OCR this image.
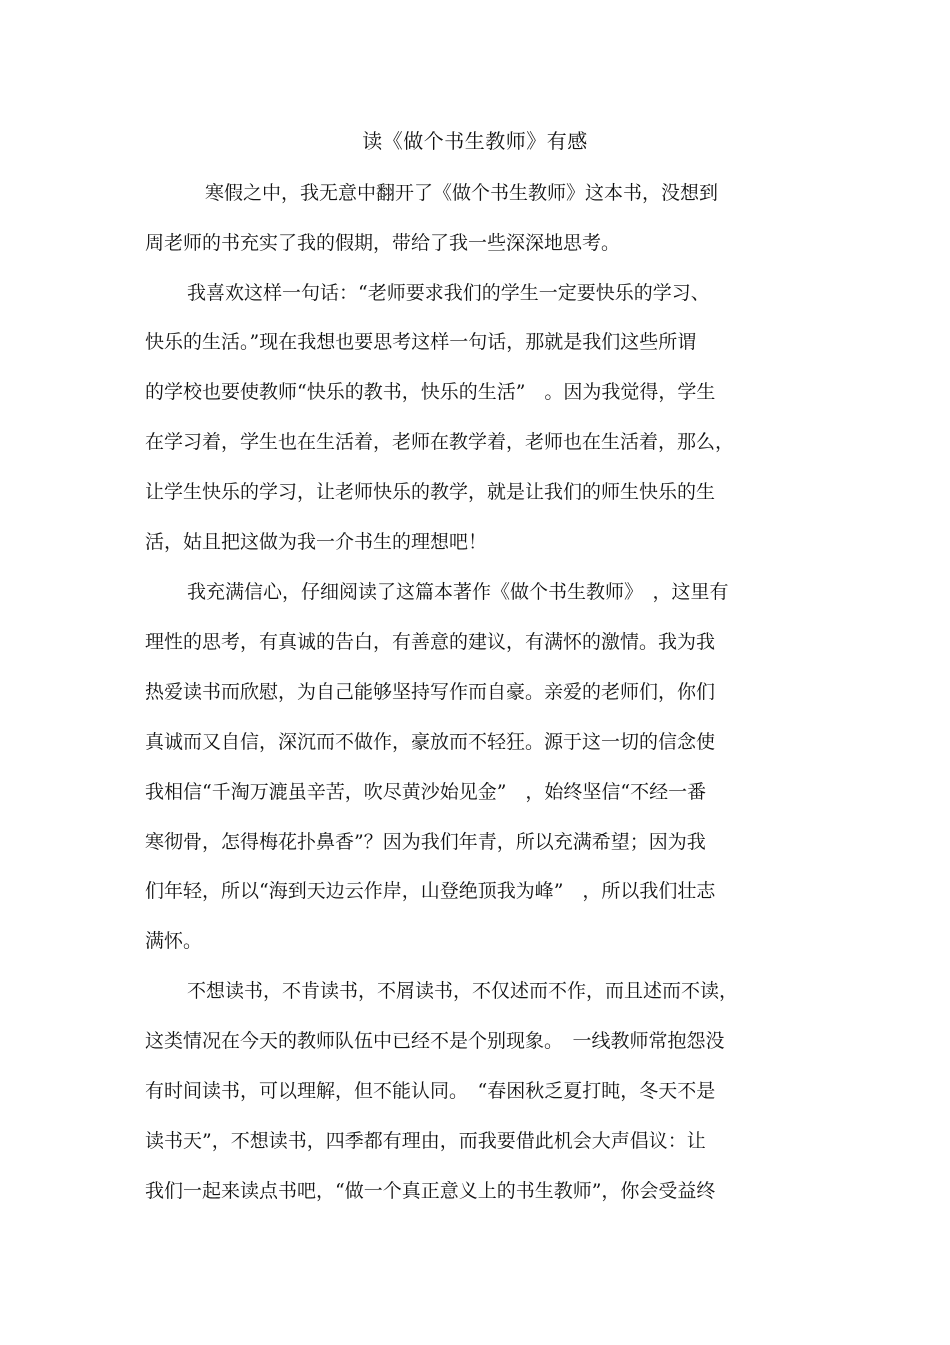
读《做个书生教师》有感
寒假之中，我无意中翻开了《做个书生教师》这本书，没想到
周老师的书充实了我的假期，带给了我一些深深地思考。
我喜欢这样一句话：“老师要求我们的学生一定要快乐的学习、
快乐的生活。”现在我想也要思考这样一句话，那就是我们这些所谓
的学校也要使教师“快乐的教书，快乐的生活”　。因为我觉得，学生
在学习着，学生也在生活着，老师在教学着，老师也在生活着，那么，
让学生快乐的学习，让老师快乐的教学，就是让我们的师生快乐的生
活，姑且把这做为我一介书生的理想吧！
我充满信心，仔细阅读了这篇本著作《做个书生教师》　，这里有
理性的思考，有真诚的告白，有善意的建议，有满怀的激情。我为我
热爱读书而欣慰，为自己能够坚持写作而自豪。亲爱的老师们，你们
真诚而又自信，深沉而不做作，豪放而不轻狂。源于这一切的信念使
我相信“千淘万漉虽辛苦，吹尽黄沙始见金”　，始终坚信“不经一番
寒彻骨，怎得梅花扑鼻香”？因为我们年青，所以充满希望；因为我
们年轻，所以“海到天边云作岸，山登绝顶我为峰”　，所以我们壮志
满怀。
不想读书，不肯读书，不屑读书，不仅述而不作，而且述而不读，
这类情况在今天的教师队伍中已经不是个别现象。　一线教师常抱怨没
有时间读书，可以理解，但不能认同。　“春困秋乏夏打盹，冬天不是
读书天”，不想读书，四季都有理由，而我要借此机会大声倡议：让
我们一起来读点书吧，“做一个真正意义上的书生教师”，你会受益终
